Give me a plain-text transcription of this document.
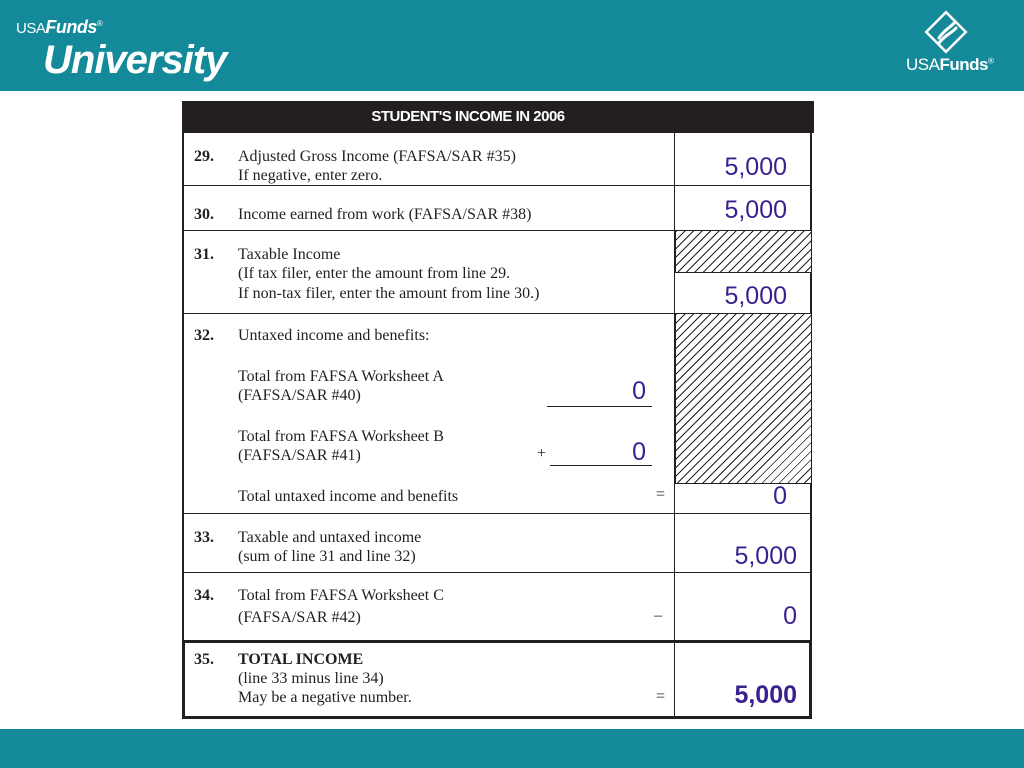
USAFunds®
University	USAFunds®
STUDENT'S INCOME IN 2006
29. Adjusted Gross Income (FAFSA/SAR #35)
If negative, enter zero.	5,000
30. Income earned from work (FAFSA/SAR #38)	5,000
31. Taxable Income
(If tax filer, enter the amount from line 29.
If non-tax filer, enter the amount from line 30.)	5,000
32. Untaxed income and benefits:
Total from FAFSA Worksheet A
(FAFSA/SAR #40)	0
Total from FAFSA Worksheet B
(FAFSA/SAR #41)	+	0
Total untaxed income and benefits	=	0
33. Taxable and untaxed income
(sum of line 31 and line 32)	5,000
34. Total from FAFSA Worksheet C
(FAFSA/SAR #42)	–	0
35. TOTAL INCOME
(line 33 minus line 34)
May be a negative number.	=	5,000
